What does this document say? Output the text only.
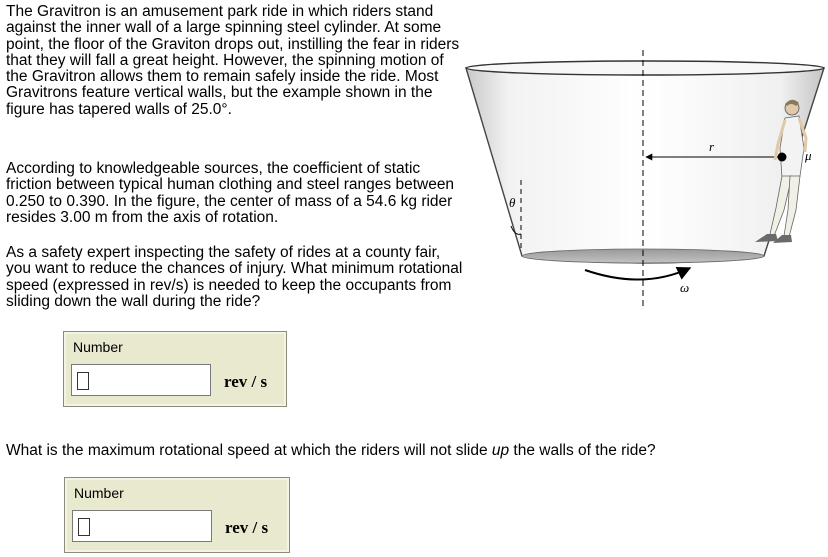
The Gravitron is an amusement park ride in which riders stand against the inner wall of a large spinning steel cylinder. At some point, the floor of the Graviton drops out, instilling the fear in riders that they will fall a great height. However, the spinning motion of the Gravitron allows them to remain safely inside the ride. Most Gravitrons feature vertical walls, but the example shown in the figure has tapered walls of 25.0°.
According to knowledgeable sources, the coefficient of static friction between typical human clothing and steel ranges between 0.250 to 0.390. In the figure, the center of mass of a 54.6 kg rider resides 3.00 m from the axis of rotation.
As a safety expert inspecting the safety of rides at a county fair, you want to reduce the chances of injury. What minimum rotational speed (expressed in rev/s) is needed to keep the occupants from sliding down the wall during the ride?
Number
rev / s
What is the maximum rotational speed at which the riders will not slide up the walls of the ride?
Number
rev / s
θ
r
μ
ω
